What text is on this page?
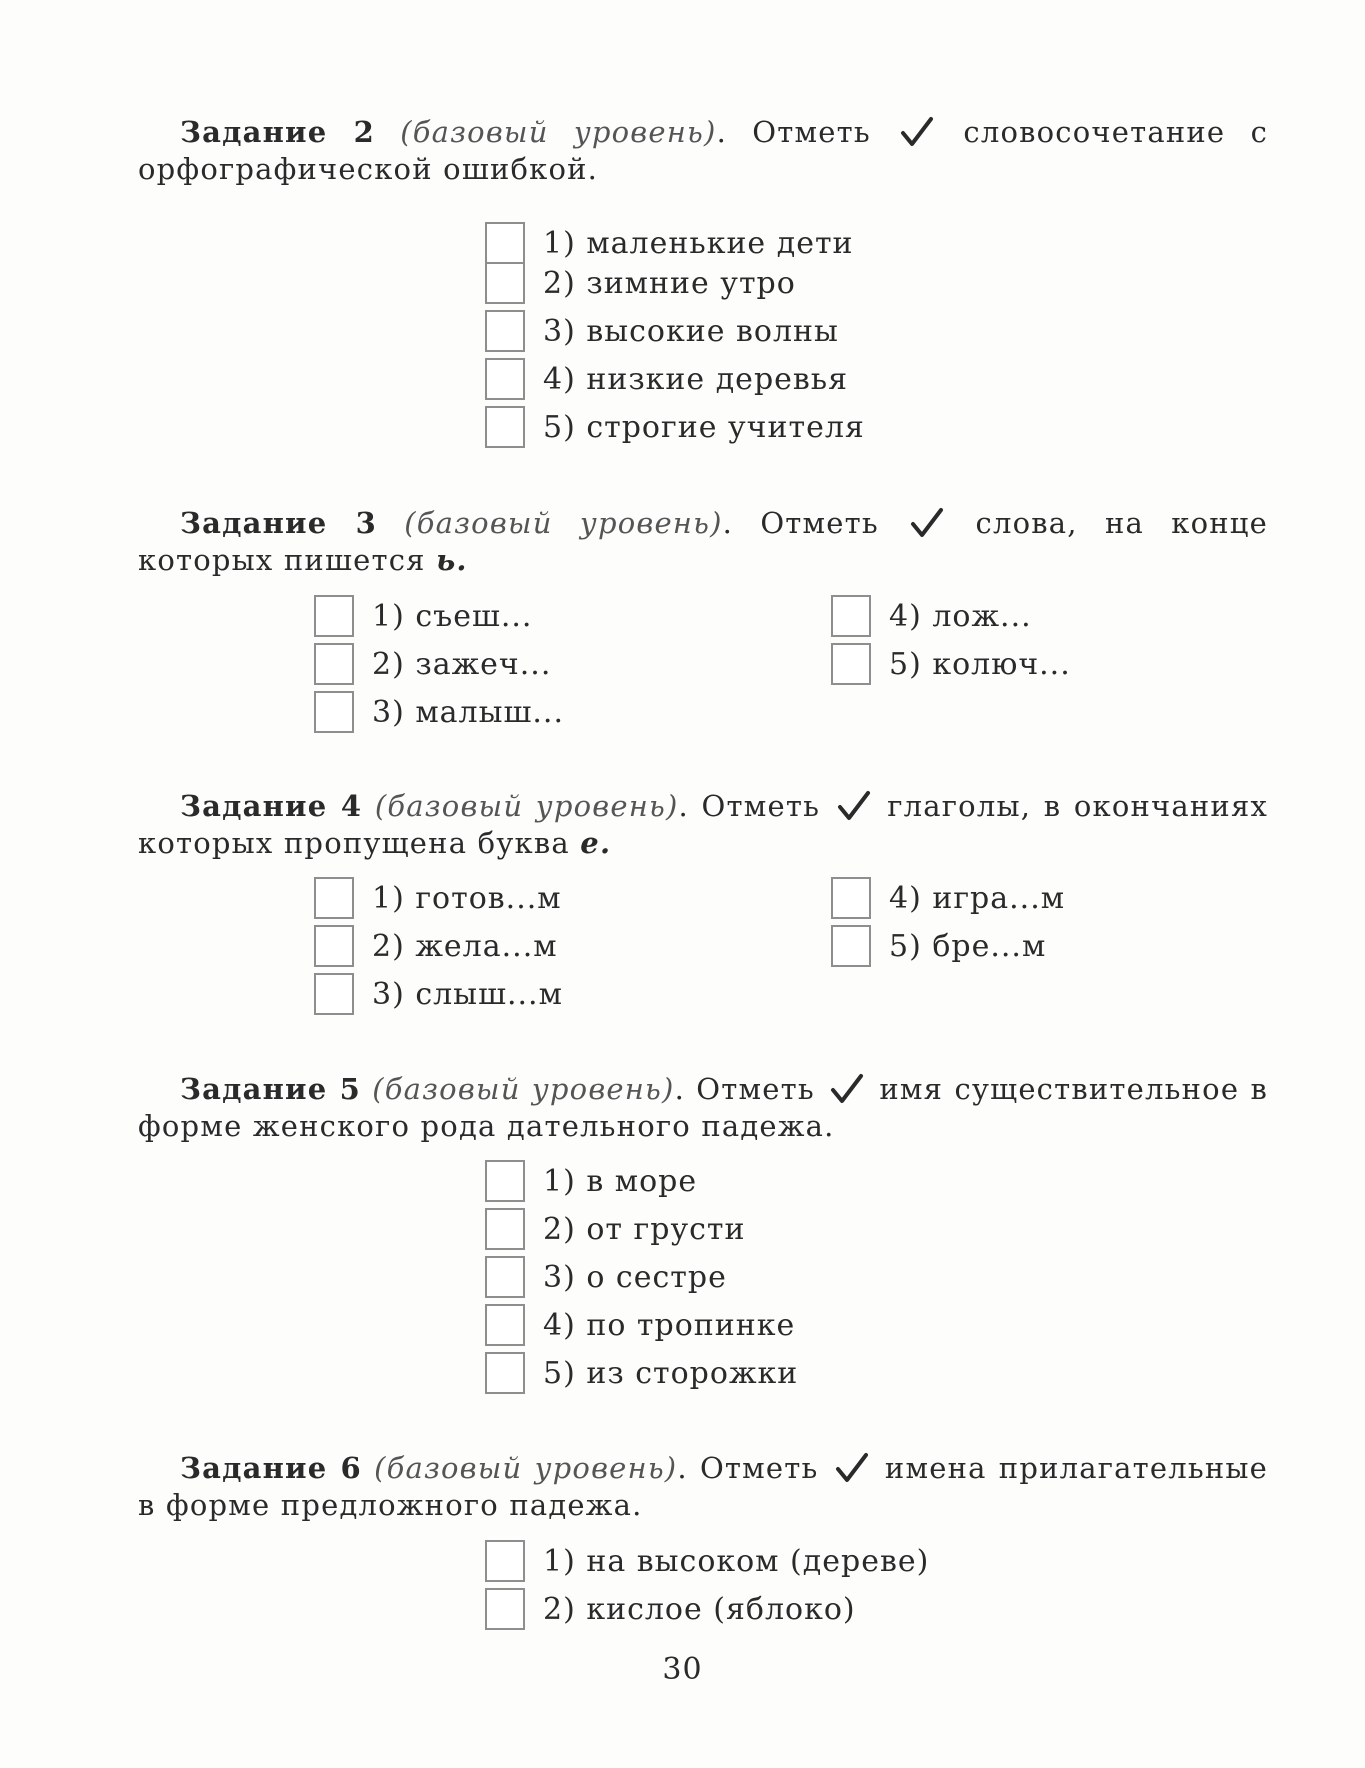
Задание 2 (базовый уровень). Отметь	словосочетание с орфографической ошибкой.

1) маленькие дети
2) зимние утро
3) высокие волны
4) низкие деревья
5) строгие учителя

Задание 3 (базовый уровень). Отметь	слова, на конце которых пишется ь.

1) съеш...
2) зажеч...
3) малыш...
4) лож...
5) колюч...

Задание 4 (базовый уровень). Отметь глаголы, в окончаниях которых пропущена буква е.

1) готов...м
2) жела...м
3) слыш...м
4) игра...м
5) бре...м

Задание 5 (базовый уровень). Отметь имя существительное в форме женского рода дательного падежа.

1) в море
2) от грусти
3) о сестре
4) по тропинке
5) из сторожки

Задание 6 (базовый уровень). Отметь имена прилагательные в форме предложного падежа.

1) на высоком (дереве)
2) кислое (яблоко)
30
